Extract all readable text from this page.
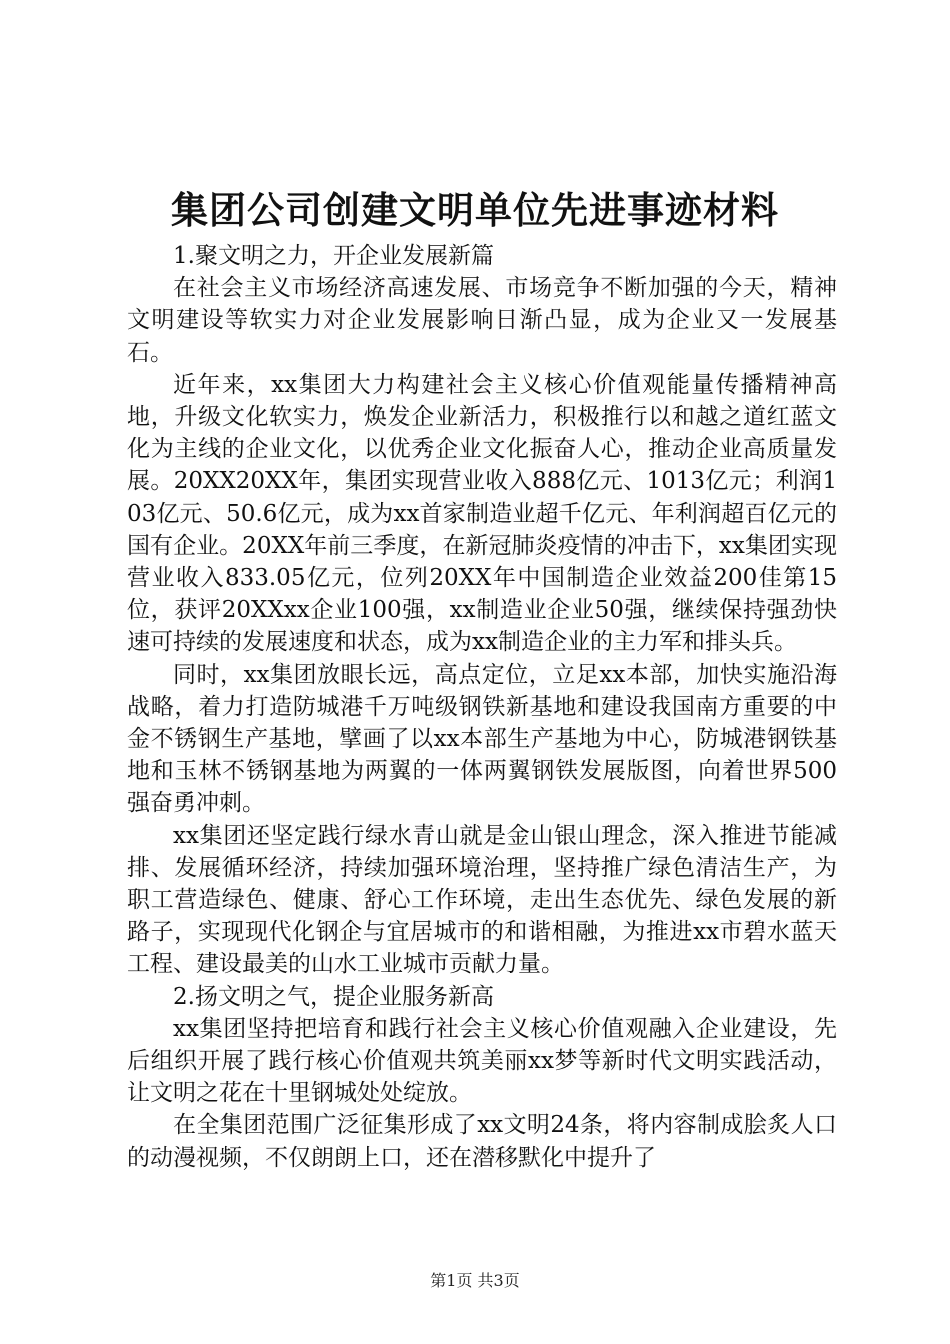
集团公司创建文明单位先进事迹材料

1.聚文明之力，开企业发展新篇

在社会主义市场经济高速发展、市场竞争不断加强的今天，精神文明建设等软实力对企业发展影响日渐凸显，成为企业又一发展基石。

近年来，xx集团大力构建社会主义核心价值观能量传播精神高地，升级文化软实力，焕发企业新活力，积极推行以和越之道红蓝文化为主线的企业文化，以优秀企业文化振奋人心，推动企业高质量发展。20XX20XX年，集团实现营业收入888亿元、1013亿元；利润103亿元、50.6亿元，成为xx首家制造业超千亿元、年利润超百亿元的国有企业。20XX年前三季度，在新冠肺炎疫情的冲击下，xx集团实现营业收入833.05亿元，位列20XX年中国制造企业效益200佳第15位，获评20XXxx企业100强，xx制造业企业50强，继续保持强劲快速可持续的发展速度和状态，成为xx制造企业的主力军和排头兵。

同时，xx集团放眼长远，高点定位，立足xx本部，加快实施沿海战略，着力打造防城港千万吨级钢铁新基地和建设我国南方重要的中金不锈钢生产基地，擘画了以xx本部生产基地为中心，防城港钢铁基地和玉林不锈钢基地为两翼的一体两翼钢铁发展版图，向着世界500强奋勇冲刺。

xx集团还坚定践行绿水青山就是金山银山理念，深入推进节能减排、发展循环经济，持续加强环境治理，坚持推广绿色清洁生产，为职工营造绿色、健康、舒心工作环境，走出生态优先、绿色发展的新路子，实现现代化钢企与宜居城市的和谐相融，为推进xx市碧水蓝天工程、建设最美的山水工业城市贡献力量。

2.扬文明之气，提企业服务新高

xx集团坚持把培育和践行社会主义核心价值观融入企业建设，先后组织开展了践行核心价值观共筑美丽xx梦等新时代文明实践活动，让文明之花在十里钢城处处绽放。

在全集团范围广泛征集形成了xx文明24条，将内容制成脍炙人口的动漫视频，不仅朗朗上口，还在潜移默化中提升了

第1页 共3页
